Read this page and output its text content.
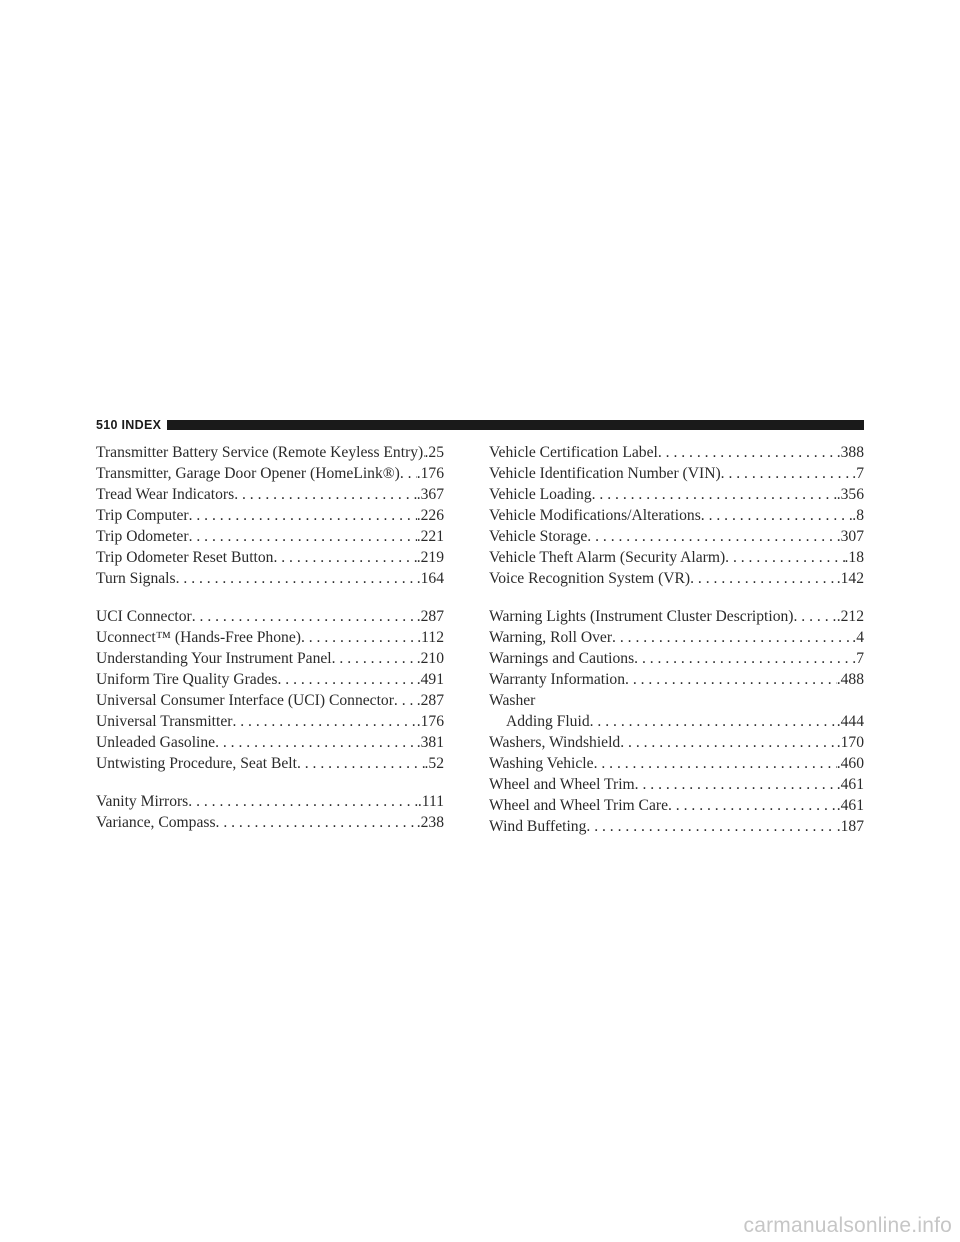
510 INDEX
Transmitter Battery Service (Remote Keyless Entry) . . . .25
Transmitter, Garage Door Opener (HomeLink®) . . . .176
Tread Wear Indicators . . .	.367
Trip Computer . . .	.226
Trip Odometer . . .	.221
Trip Odometer Reset Button . . .	.219
Turn Signals . . .	.164
UCI Connector . . .	.287
Uconnect™ (Hands-Free Phone) . . .	.112
Understanding Your Instrument Panel . . .	.210
Uniform Tire Quality Grades . . .	.491
Universal Consumer Interface (UCI) Connector . . . .287
Universal Transmitter . . .	.176
Unleaded Gasoline . . .	.381
Untwisting Procedure, Seat Belt . . .	.52
Vanity Mirrors . . .	.111
Variance, Compass . . .	.238
Vehicle Certification Label . . .	.388
Vehicle Identification Number (VIN) . . .	.7
Vehicle Loading . . .	.356
Vehicle Modifications/Alterations . . .	.8
Vehicle Storage . . .	.307
Vehicle Theft Alarm (Security Alarm) . . .	.18
Voice Recognition System (VR) . . .	.142
Warning Lights (Instrument Cluster Description) . . .	.212
Warning, Roll Over . . .	.4
Warnings and Cautions . . .	.7
Warranty Information . . .	.488
Washer
Adding Fluid . . .	.444
Washers, Windshield . . .	.170
Washing Vehicle . . .	.460
Wheel and Wheel Trim . . .	.461
Wheel and Wheel Trim Care . . .	.461
Wind Buffeting . . .	.187
carmanualsonline.info
